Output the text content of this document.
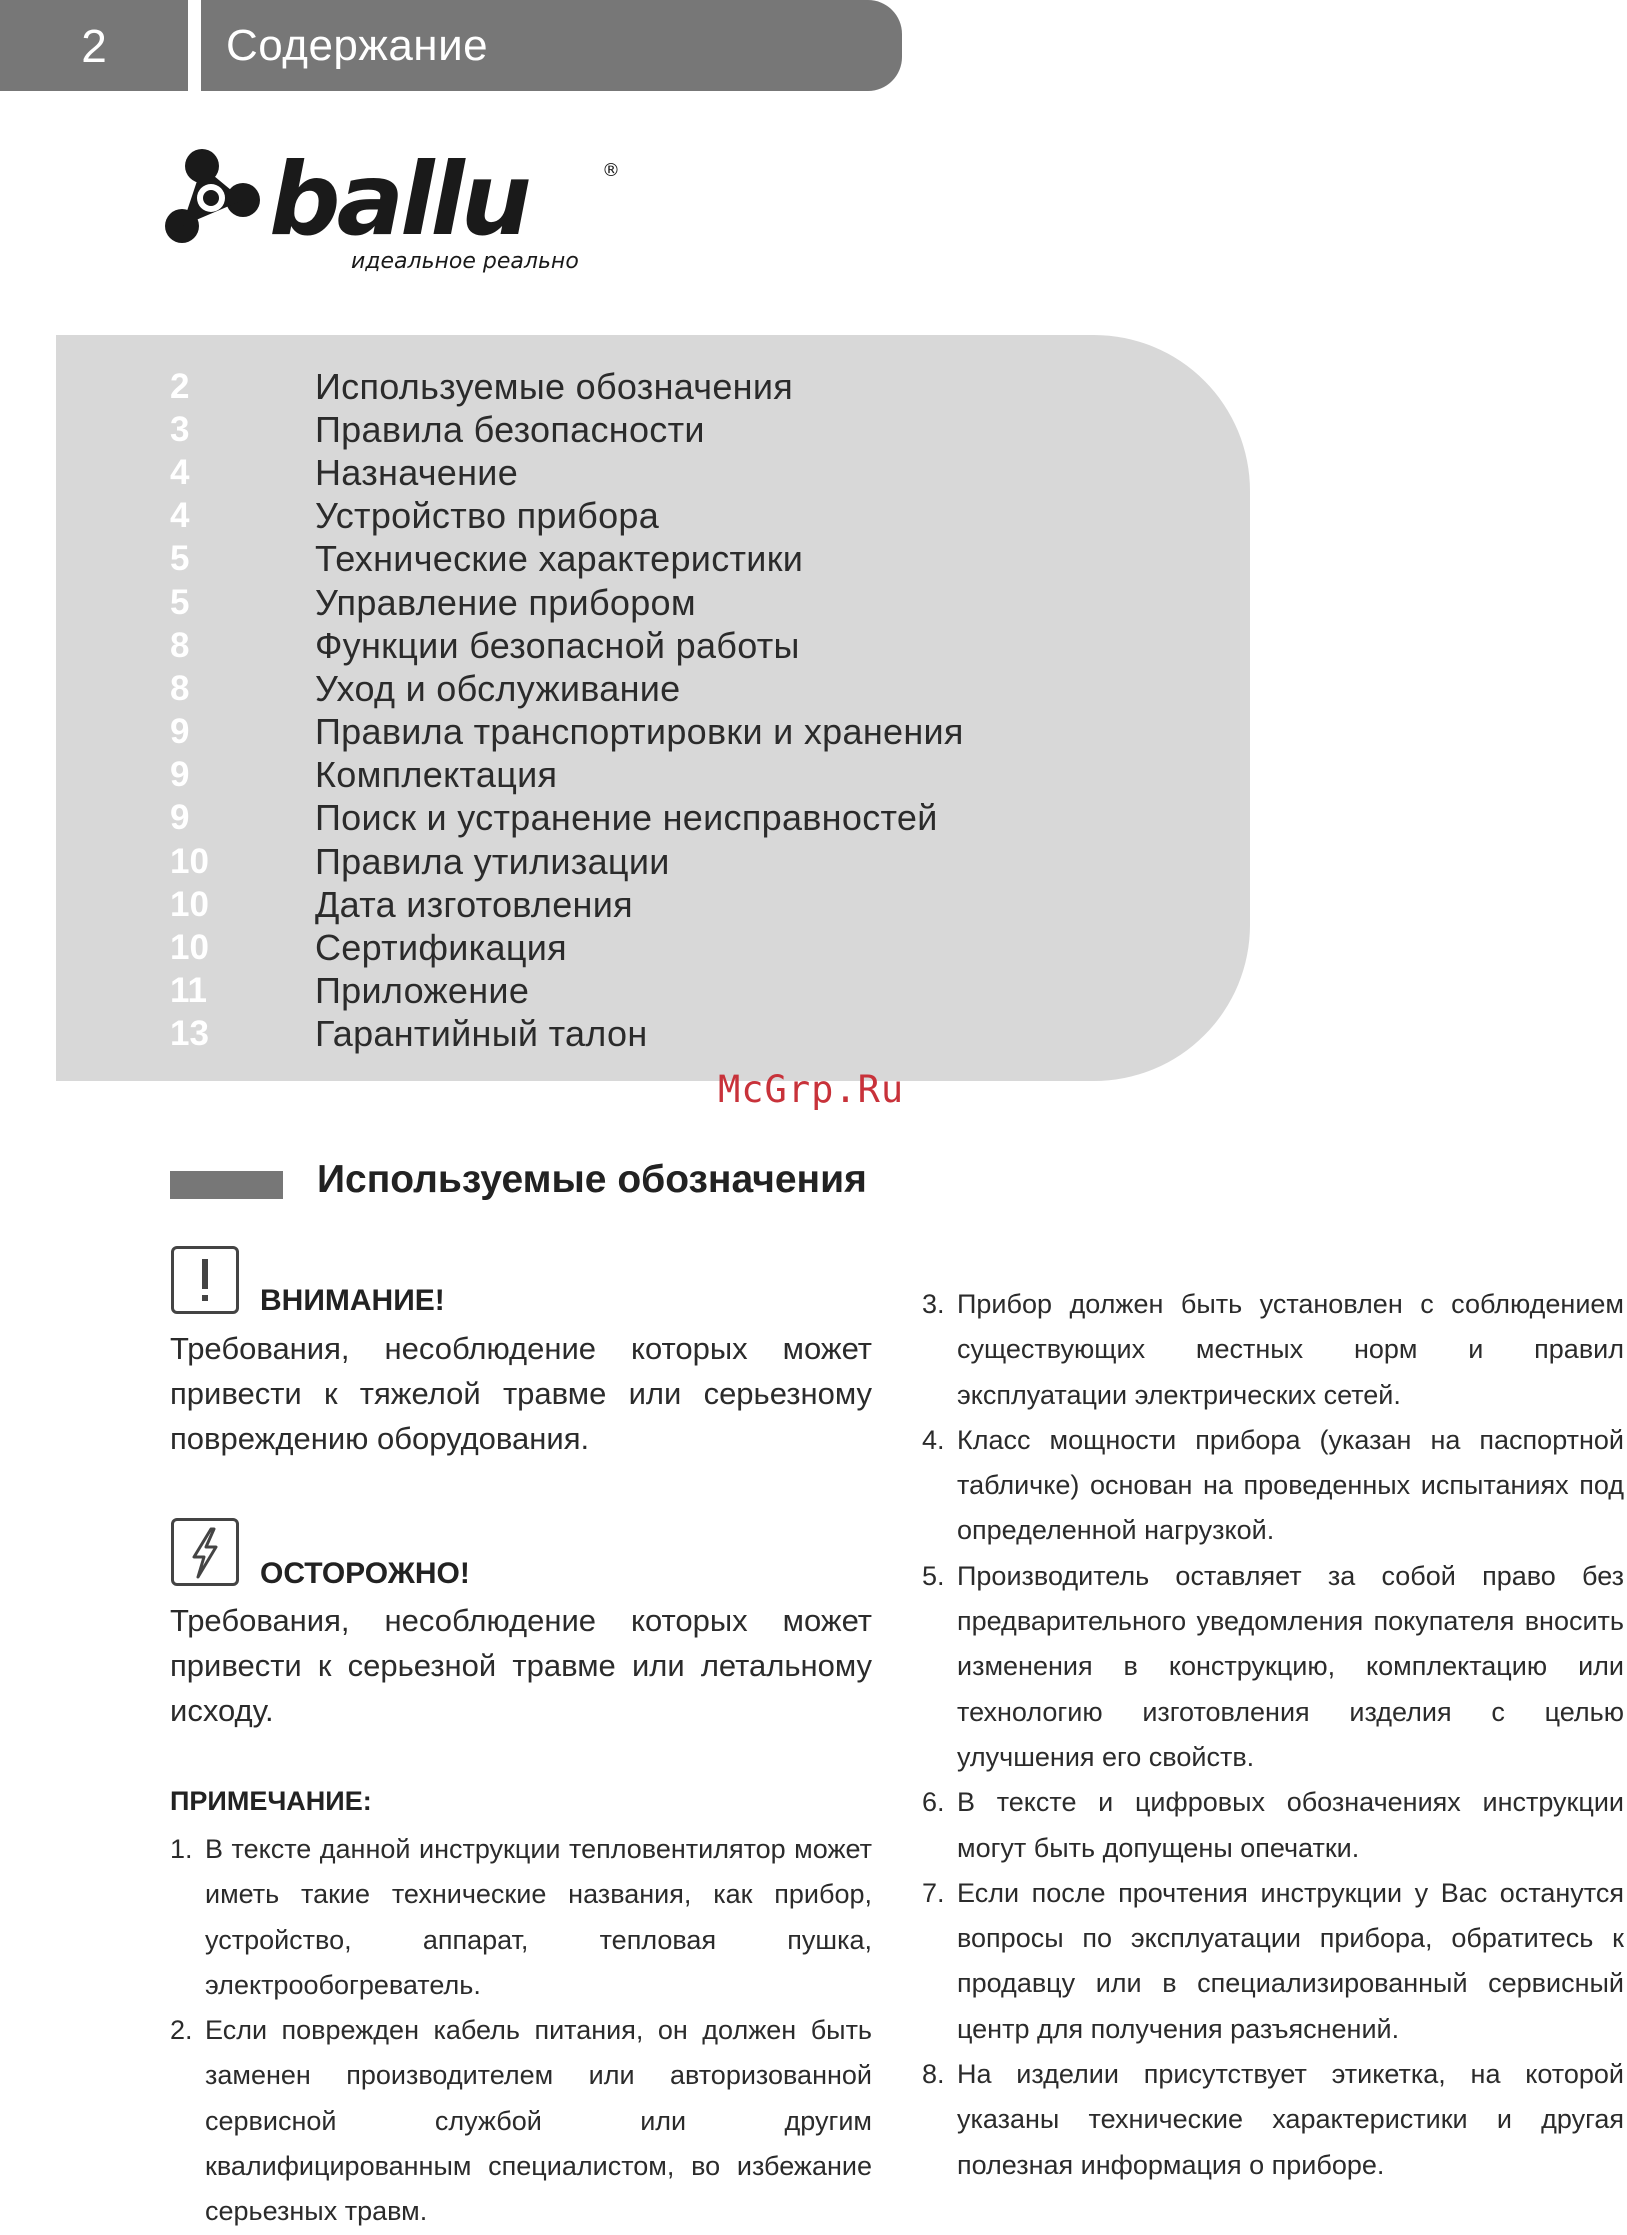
2	Содержание
ballu	®
идеальное реально
2	Используемые обозначения
3	Правила безопасности
4	Назначение
4	Устройство прибора
5	Технические характеристики
5	Управление прибором
8	Функции безопасной работы
8	Уход и обслуживание
9	Правила транспортировки и хранения
9	Комплектация
9	Поиск и устранение неисправностей
10	Правила утилизации
10	Дата изготовления
10	Сертификация
11	Приложение
13	Гарантийный талон
McGrp.Ru
Используемые обозначения
ВНИМАНИЕ!
Требования, несоблюдение которых может привести к тяжелой травме или серьезному повреждению оборудования.
ОСТОРОЖНО!
Требования, несоблюдение которых может привести к серьезной травме или летальному исходу.
ПРИМЕЧАНИЕ:
1. В тексте данной инструкции тепловентилятор может иметь такие технические названия, как прибор, устройство, аппарат, тепловая пушка, электрообогреватель.
2. Если поврежден кабель питания, он должен быть заменен производителем или авторизованной сервисной службой или другим квалифицированным специалистом, во избежание серьезных травм.
3. Прибор должен быть установлен с соблюдением существующих местных норм и правил эксплуатации электрических сетей.
4. Класс мощности прибора (указан на паспортной табличке) основан на проведенных испытаниях под определенной нагрузкой.
5. Производитель оставляет за собой право без предварительного уведомления покупателя вносить изменения в конструкцию, комплектацию или технологию изготовления изделия с целью улучшения его свойств.
6. В тексте и цифровых обозначениях инструкции могут быть допущены опечатки.
7. Если после прочтения инструкции у Вас останутся вопросы по эксплуатации прибора, обратитесь к продавцу или в специализированный сервисный центр для получения разъяснений.
8. На изделии присутствует этикетка, на которой указаны технические характеристики и другая полезная информация о приборе.
